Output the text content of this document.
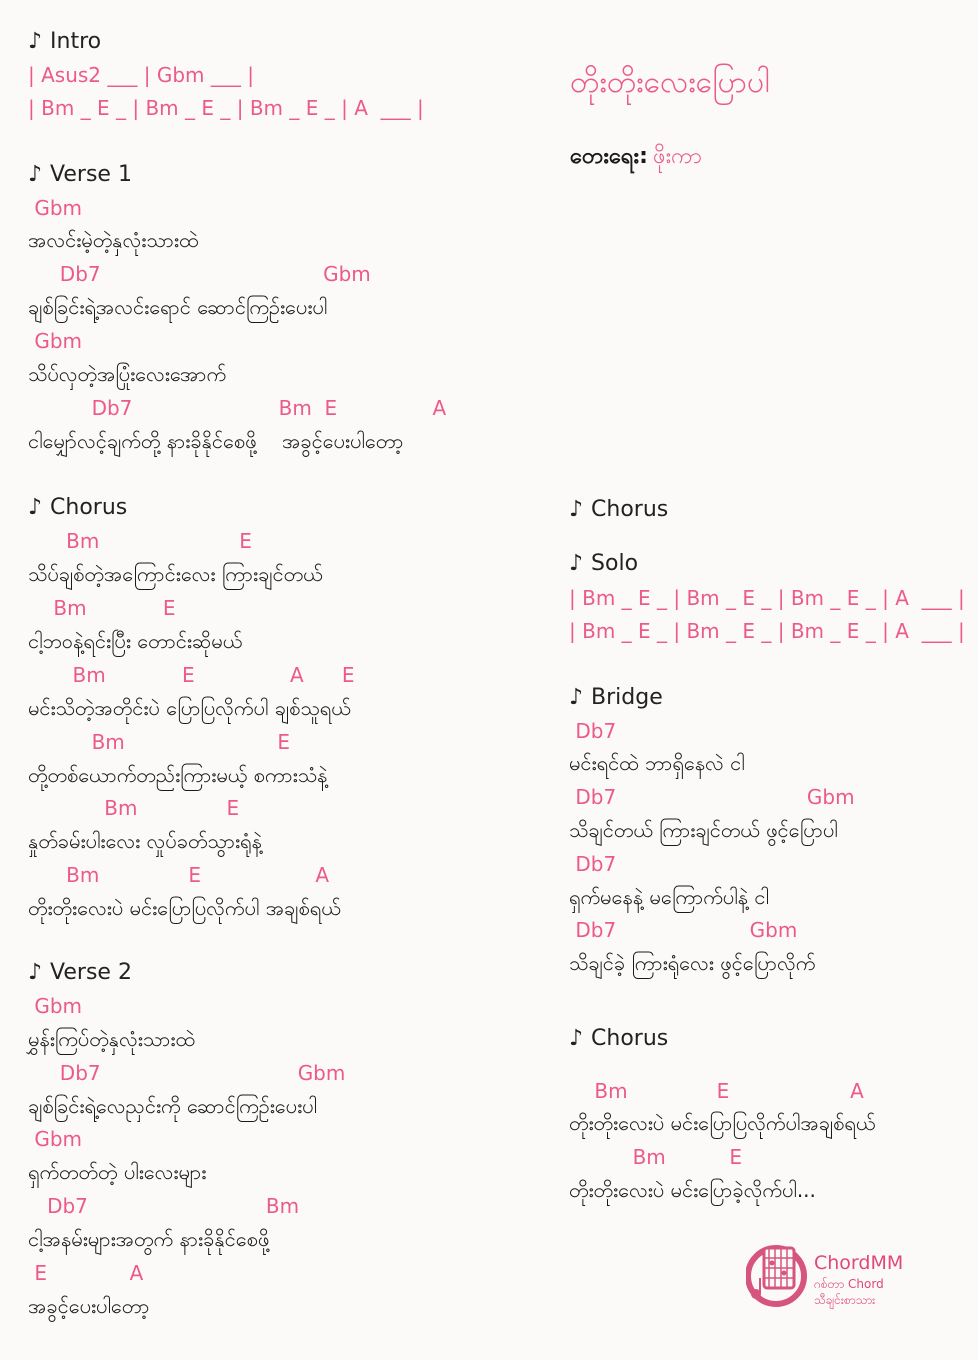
♪ Intro
| Asus2 ___ | Gbm ___ |
| Bm _ E _ | Bm _ E _ | Bm _ E _ | A  ___ |
♪ Verse 1
Gbm
အလင်းမဲ့တဲ့နှလုံးသားထဲ
Db7                                   Gbm
ချစ်ခြင်းရဲ့အလင်းရောင် ဆောင်ကြဉ်းပေးပါ
Gbm
သိပ်လှတဲ့အပြုံးလေးအောက်
Db7                       Bm  E               A
ငါမျှော်လင့်ချက်တို့ နားခိုနိုင်စေဖို့    အခွင့်ပေးပါတော့
♪ Chorus
Bm                      E
သိပ်ချစ်တဲ့အကြောင်းလေး ကြားချင်တယ်
Bm            E
ငါ့ဘဝနဲ့ရင်းပြီး တောင်းဆိုမယ်
Bm            E               A      E
မင်းသိတဲ့အတိုင်းပဲ ပြောပြလိုက်ပါ ချစ်သူရယ်
Bm                        E
တို့တစ်ယောက်တည်းကြားမယ့် စကားသံနဲ့
Bm              E
နှုတ်ခမ်းပါးလေး လှုပ်ခတ်သွားရုံနဲ့
Bm              E                  A
တိုးတိုးလေးပဲ မင်းပြောပြလိုက်ပါ အချစ်ရယ်
♪ Verse 2
Gbm
မွှန်းကြပ်တဲ့နှလုံးသားထဲ
Db7                               Gbm
ချစ်ခြင်းရဲ့လေညှင်းကို ဆောင်ကြဉ်းပေးပါ
Gbm
ရှက်တတ်တဲ့ ပါးလေးများ
Db7                            Bm
ငါ့အနမ်းများအတွက် နားခိုနိုင်စေဖို့
E             A
အခွင့်ပေးပါတော့
တိုးတိုးလေးပြောပါ
တေးရေး: ဖိုးကာ
♪ Chorus
♪ Solo
| Bm _ E _ | Bm _ E _ | Bm _ E _ | A  ___ |
| Bm _ E _ | Bm _ E _ | Bm _ E _ | A  ___ |
♪ Bridge
Db7
မင်းရင်ထဲ ဘာရှိနေလဲ ငါ
Db7                              Gbm
သိချင်တယ် ကြားချင်တယ် ဖွင့်ပြောပါ
Db7
ရှက်မနေနဲ့ မကြောက်ပါနဲ့ ငါ
Db7                     Gbm
သိချင်ခဲ့ ကြားရုံလေး ဖွင့်ပြောလိုက်
♪ Chorus
Bm              E                   A
တိုးတိုးလေးပဲ မင်းပြောပြလိုက်ပါအချစ်ရယ်
Bm          E
တိုးတိုးလေးပဲ မင်းပြောခဲ့လိုက်ပါ...
ChordMM
ဂစ်တာ Chord
သီချင်းစာသား
